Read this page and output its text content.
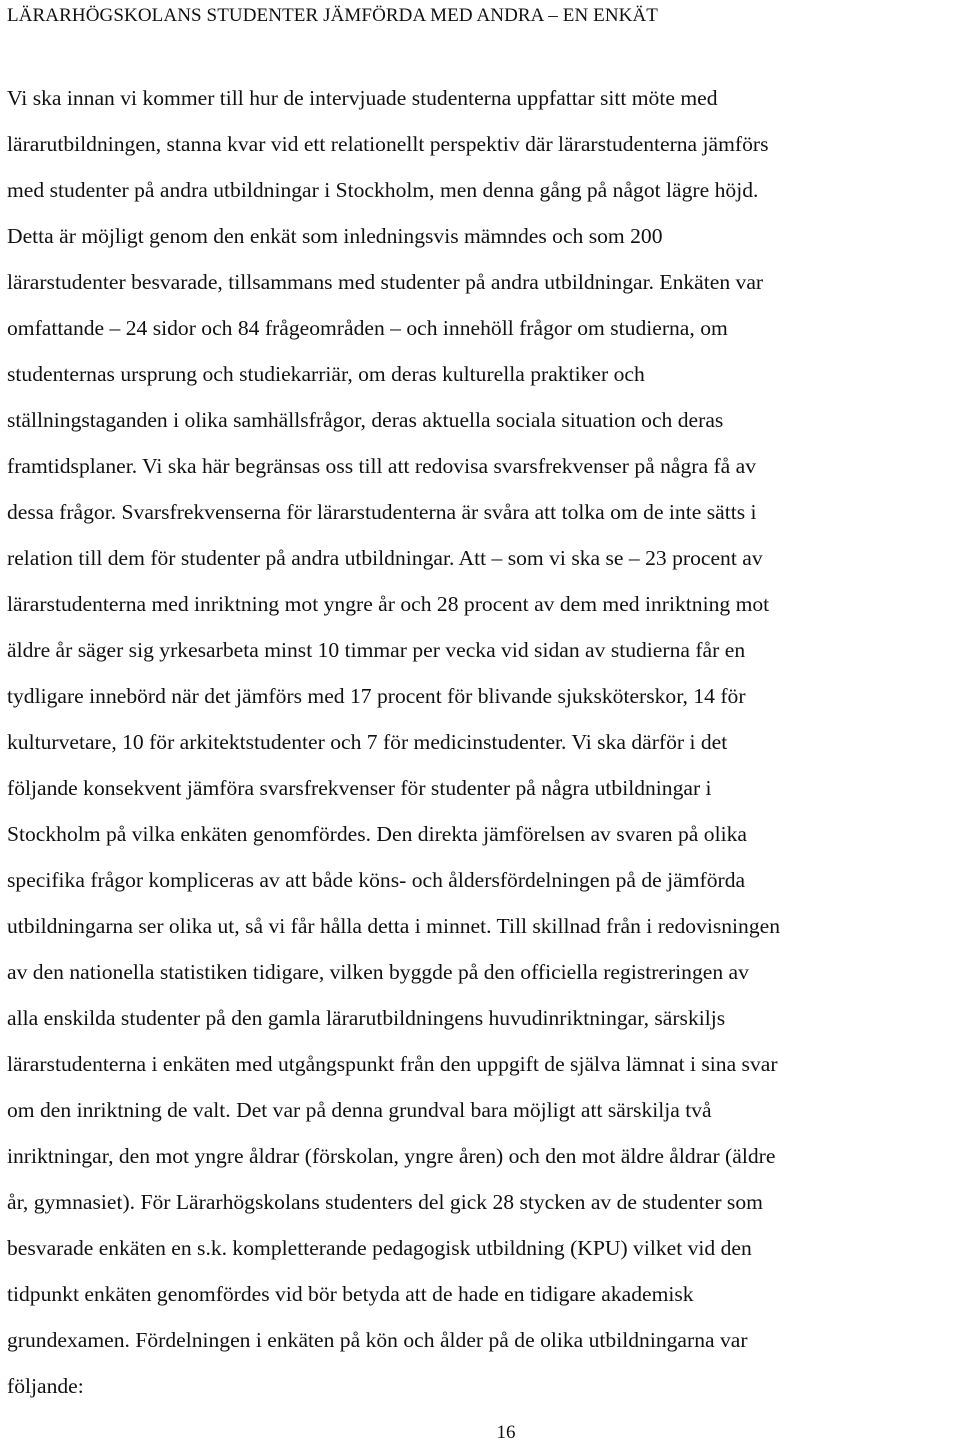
LÄRARHÖGSKOLANS STUDENTER JÄMFÖRDA MED ANDRA – EN ENKÄT

Vi ska innan vi kommer till hur de intervjuade studenterna uppfattar sitt möte med
lärarutbildningen, stanna kvar vid ett relationellt perspektiv där lärarstudenterna jämförs
med studenter på andra utbildningar i Stockholm, men denna gång på något lägre höjd.
Detta är möjligt genom den enkät som inledningsvis mämndes och som 200
lärarstudenter besvarade, tillsammans med studenter på andra utbildningar. Enkäten var
omfattande – 24 sidor och 84 frågeområden – och innehöll frågor om studierna, om
studenternas ursprung och studiekarriär, om deras kulturella praktiker och
ställningstaganden i olika samhällsfrågor, deras aktuella sociala situation och deras
framtidsplaner. Vi ska här begränsas oss till att redovisa svarsfrekvenser på några få av
dessa frågor. Svarsfrekvenserna för lärarstudenterna är svåra att tolka om de inte sätts i
relation till dem för studenter på andra utbildningar. Att – som vi ska se – 23 procent av
lärarstudenterna med inriktning mot yngre år och 28 procent av dem med inriktning mot
äldre år säger sig yrkesarbeta minst 10 timmar per vecka vid sidan av studierna får en
tydligare innebörd när det jämförs med 17 procent för blivande sjuksköterskor, 14 för
kulturvetare, 10 för arkitektstudenter och 7 för medicinstudenter. Vi ska därför i det
följande konsekvent jämföra svarsfrekvenser för studenter på några utbildningar i
Stockholm på vilka enkäten genomfördes. Den direkta jämförelsen av svaren på olika
specifika frågor kompliceras av att både köns- och åldersfördelningen på de jämförda
utbildningarna ser olika ut, så vi får hålla detta i minnet. Till skillnad från i redovisningen
av den nationella statistiken tidigare, vilken byggde på den officiella registreringen av
alla enskilda studenter på den gamla lärarutbildningens huvudinriktningar, särskiljs
lärarstudenterna i enkäten med utgångspunkt från den uppgift de själva lämnat i sina svar
om den inriktning de valt. Det var på denna grundval bara möjligt att särskilja två
inriktningar, den mot yngre åldrar (förskolan, yngre åren) och den mot äldre åldrar (äldre
år, gymnasiet). För Lärarhögskolans studenters del gick 28 stycken av de studenter som
besvarade enkäten en s.k. kompletterande pedagogisk utbildning (KPU) vilket vid den
tidpunkt enkäten genomfördes vid bör betyda att de hade en tidigare akademisk
grundexamen. Fördelningen i enkäten på kön och ålder på de olika utbildningarna var
följande:

16
